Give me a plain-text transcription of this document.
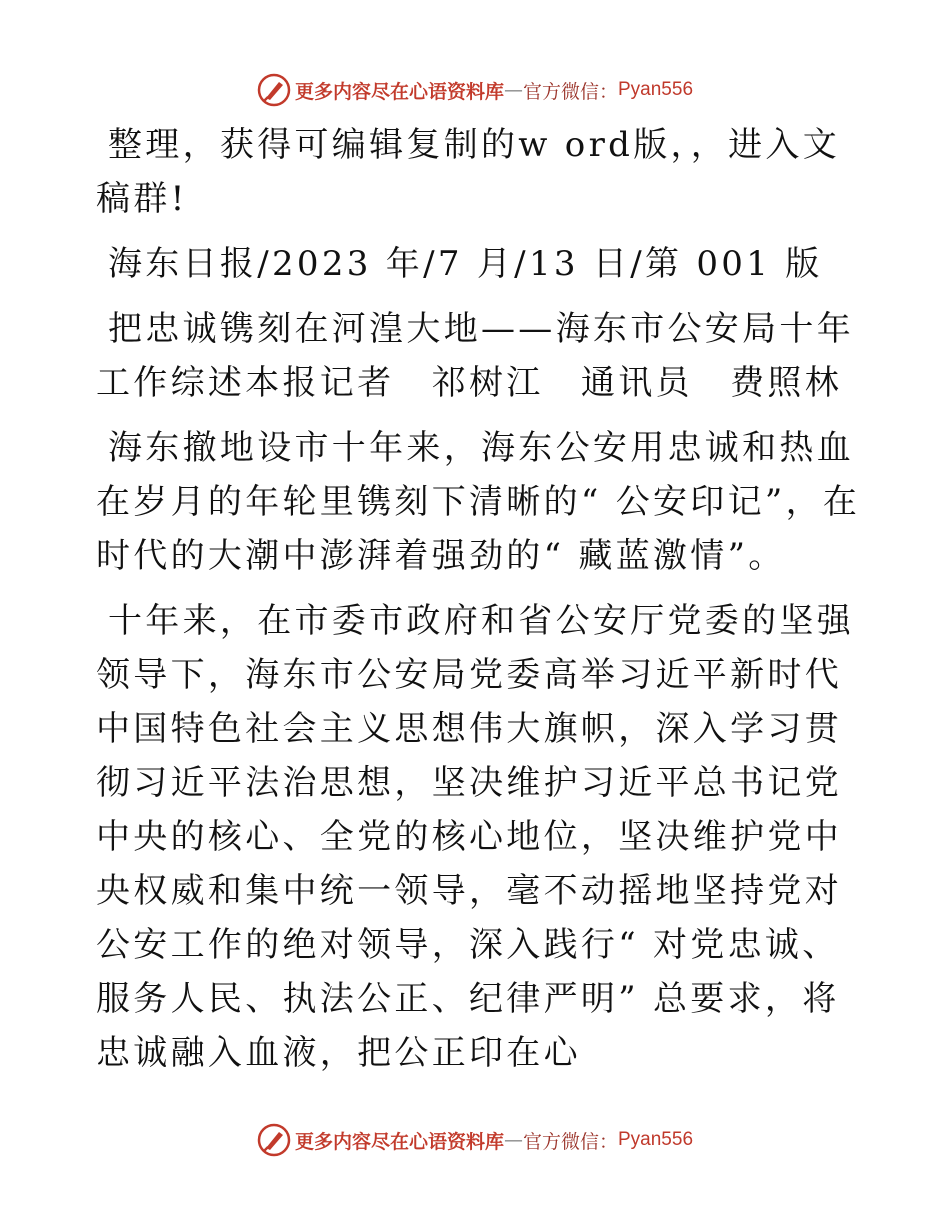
更多内容尽在心语资料库 — 官方微信： Pyan556

整理，获得可编辑复制的w ord版，，进入文稿群!

海东日报/2023 年/7 月/13 日/第 001 版

把忠诚镌刻在河湟大地——海东市公安局十年工作综述本报记者　祁树江　通讯员　费照林

海东撤地设市十年来，海东公安用忠诚和热血在岁月的年轮里镌刻下清晰的“ 公安印记”，在时代的大潮中澎湃着强劲的“ 藏蓝激情”。

十年来，在市委市政府和省公安厅党委的坚强领导下，海东市公安局党委高举习近平新时代中国特色社会主义思想伟大旗帜，深入学习贯彻习近平法治思想，坚决维护习近平总书记党中央的核心、全党的核心地位，坚决维护党中央权威和集中统一领导，毫不动摇地坚持党对公安工作的绝对领导，深入践行“ 对党忠诚、服务人民、执法公正、纪律严明” 总要求，将忠诚融入血液，把公正印在心

更多内容尽在心语资料库 — 官方微信： Pyan556
